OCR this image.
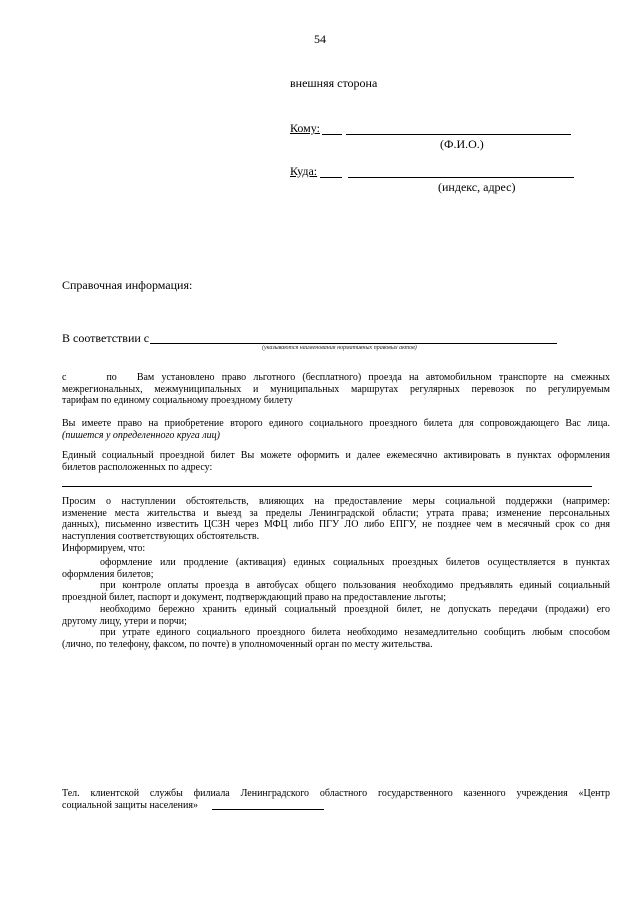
54
внешняя сторона
Кому:
(Ф.И.О.)
Куда:
(индекс, адрес)
Справочная информация:
В соответствии с
(указываются наименования нормативных правовых актов)
с	по Вам установлено право льготного (бесплатного) проезда на автомобильном транспорте на смежных
межрегиональных, межмуниципальных и муниципальных маршрутах регулярных перевозок по регулируемым
тарифам по единому социальному проездному билету
Вы имеете право на приобретение второго единого социального проездного билета для сопровождающего Вас лица.
(пишется у определенного круга лиц)
Единый социальный проездной билет Вы можете оформить и далее ежемесячно активировать в пунктах оформления
билетов расположенных по адресу:
Просим о наступлении обстоятельств, влияющих на предоставление меры социальной поддержки (например:
изменение места жительства и выезд за пределы Ленинградской области; утрата права; изменение персональных
данных), письменно известить ЦСЗН через МФЦ либо ПГУ ЛО либо ЕПГУ, не позднее чем в месячный срок со дня
наступления соответствующих обстоятельств.
Информируем, что:
оформление или продление (активация) единых социальных проездных билетов осуществляется в пунктах
оформления билетов;
при контроле оплаты проезда в автобусах общего пользования необходимо предъявлять единый социальный
проездной билет, паспорт и документ, подтверждающий право на предоставление льготы;
необходимо бережно хранить единый социальный проездной билет, не допускать передачи (продажи) его
другому лицу, утери и порчи;
при утрате единого социального проездного билета необходимо незамедлительно сообщить любым способом
(лично, по телефону, факсом, по почте) в уполномоченный орган по месту жительства.
Тел. клиентской службы филиала Ленинградского областного государственного казенного учреждения «Центр
социальной защиты населения»
